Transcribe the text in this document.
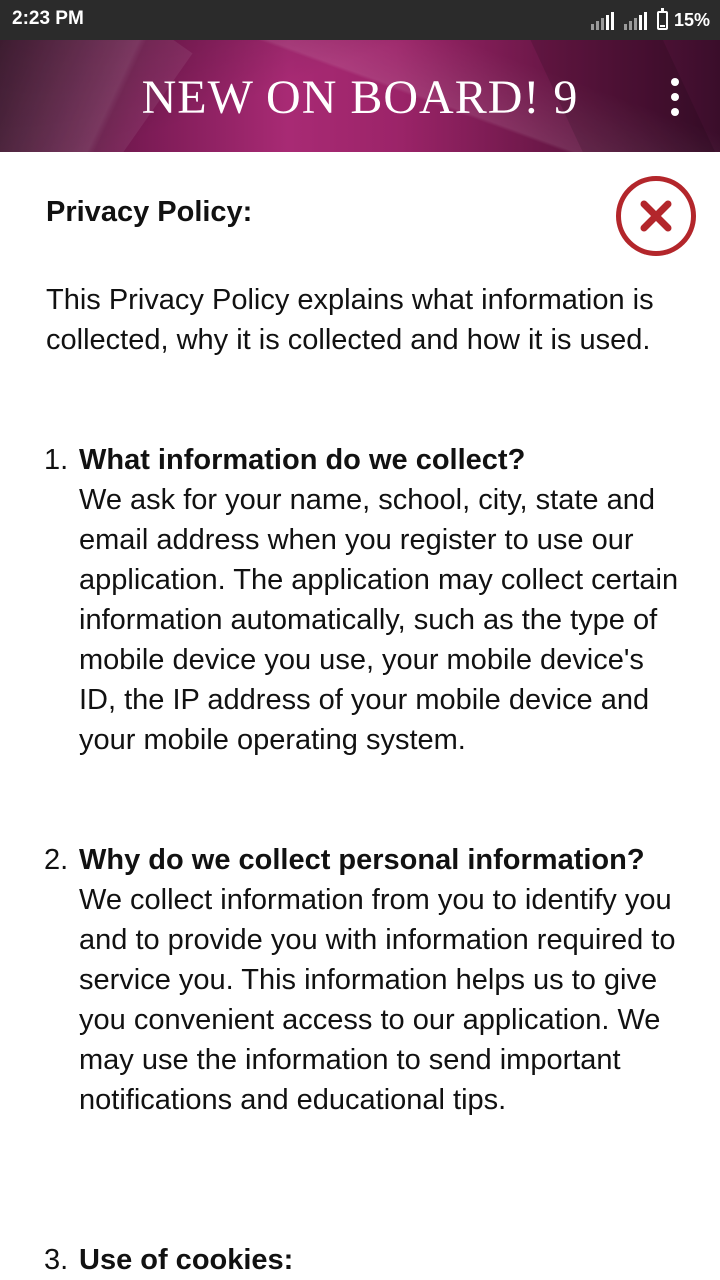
2:23 PM	15%
NEW ON BOARD! 9
Privacy Policy:
This Privacy Policy explains what information is collected, why it is collected and how it is used.
1. What information do we collect?
We ask for your name, school, city, state and email address when you register to use our application. The application may collect certain information automatically, such as the type of mobile device you use, your mobile device's ID, the IP address of your mobile device and your mobile operating system.
2. Why do we collect personal information?
We collect information from you to identify you and to provide you with information required to service you. This information helps us to give you convenient access to our application. We may use the information to send important notifications and educational tips.
3. Use of cookies:
